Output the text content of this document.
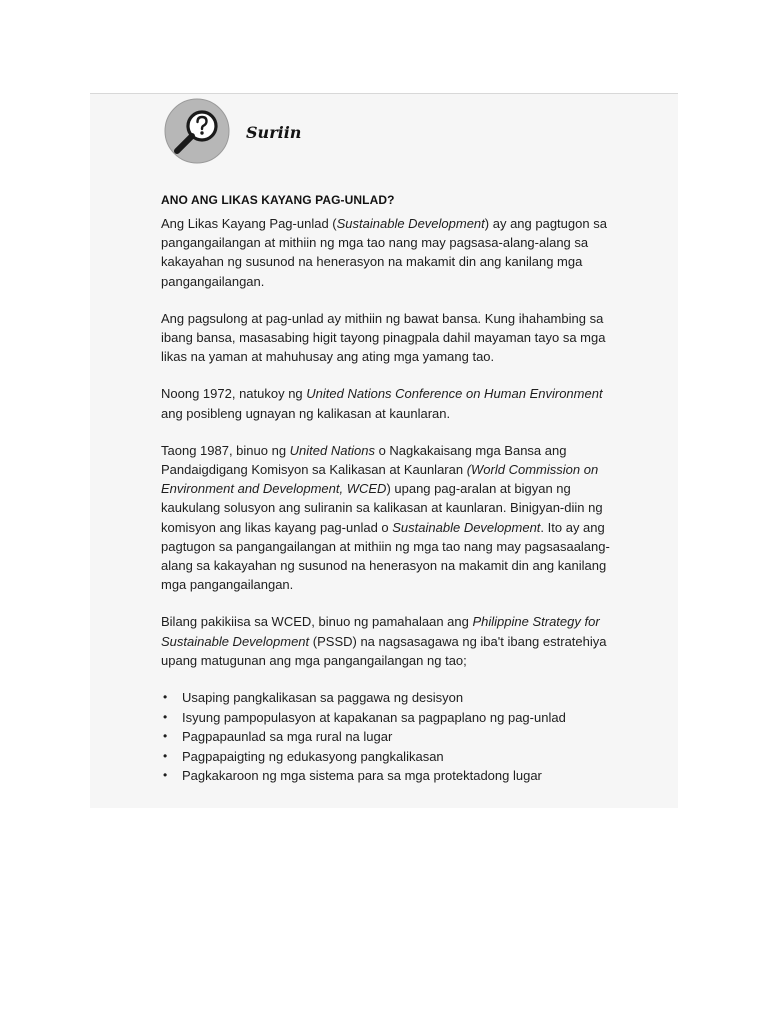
Suriin
ANO ANG LIKAS KAYANG PAG-UNLAD?

Ang Likas Kayang Pag-unlad (Sustainable Development) ay ang pagtugon sa pangangailangan at mithiin ng mga tao nang may pagsasa-alang-alang sa kakayahan ng susunod na henerasyon na makamit din ang kanilang mga pangangailangan.

Ang pagsulong at pag-unlad ay mithiin ng bawat bansa. Kung ihahambing sa ibang bansa, masasabing higit tayong pinagpala dahil mayaman tayo sa mga likas na yaman at mahuhusay ang ating mga yamang tao.

Noong 1972, natukoy ng United Nations Conference on Human Environment ang posibleng ugnayan ng kalikasan at kaunlaran.

Taong 1987, binuo ng United Nations o Nagkakaisang mga Bansa ang Pandaigdigang Komisyon sa Kalikasan at Kaunlaran (World Commission on Environment and Development, WCED) upang pag-aralan at bigyan ng kaukulang solusyon ang suliranin sa kalikasan at kaunlaran. Binigyan-diin ng komisyon ang likas kayang pag-unlad o Sustainable Development. Ito ay ang pagtugon sa pangangailangan at mithiin ng mga tao nang may pagsasaalang-alang sa kakayahan ng susunod na henerasyon na makamit din ang kanilang mga pangangailangan.

Bilang pakikiisa sa WCED, binuo ng pamahalaan ang Philippine Strategy for Sustainable Development (PSSD) na nagsasagawa ng iba't ibang estratehiya upang matugunan ang mga pangangailangan ng tao;

• Usaping pangkalikasan sa paggawa ng desisyon
• Isyung pampopulasyon at kapakanan sa pagpaplano ng pag-unlad
• Pagpapaunlad sa mga rural na lugar
• Pagpapaigting ng edukasyong pangkalikasan
• Pagkakaroon ng mga sistema para sa mga protektadong lugar
